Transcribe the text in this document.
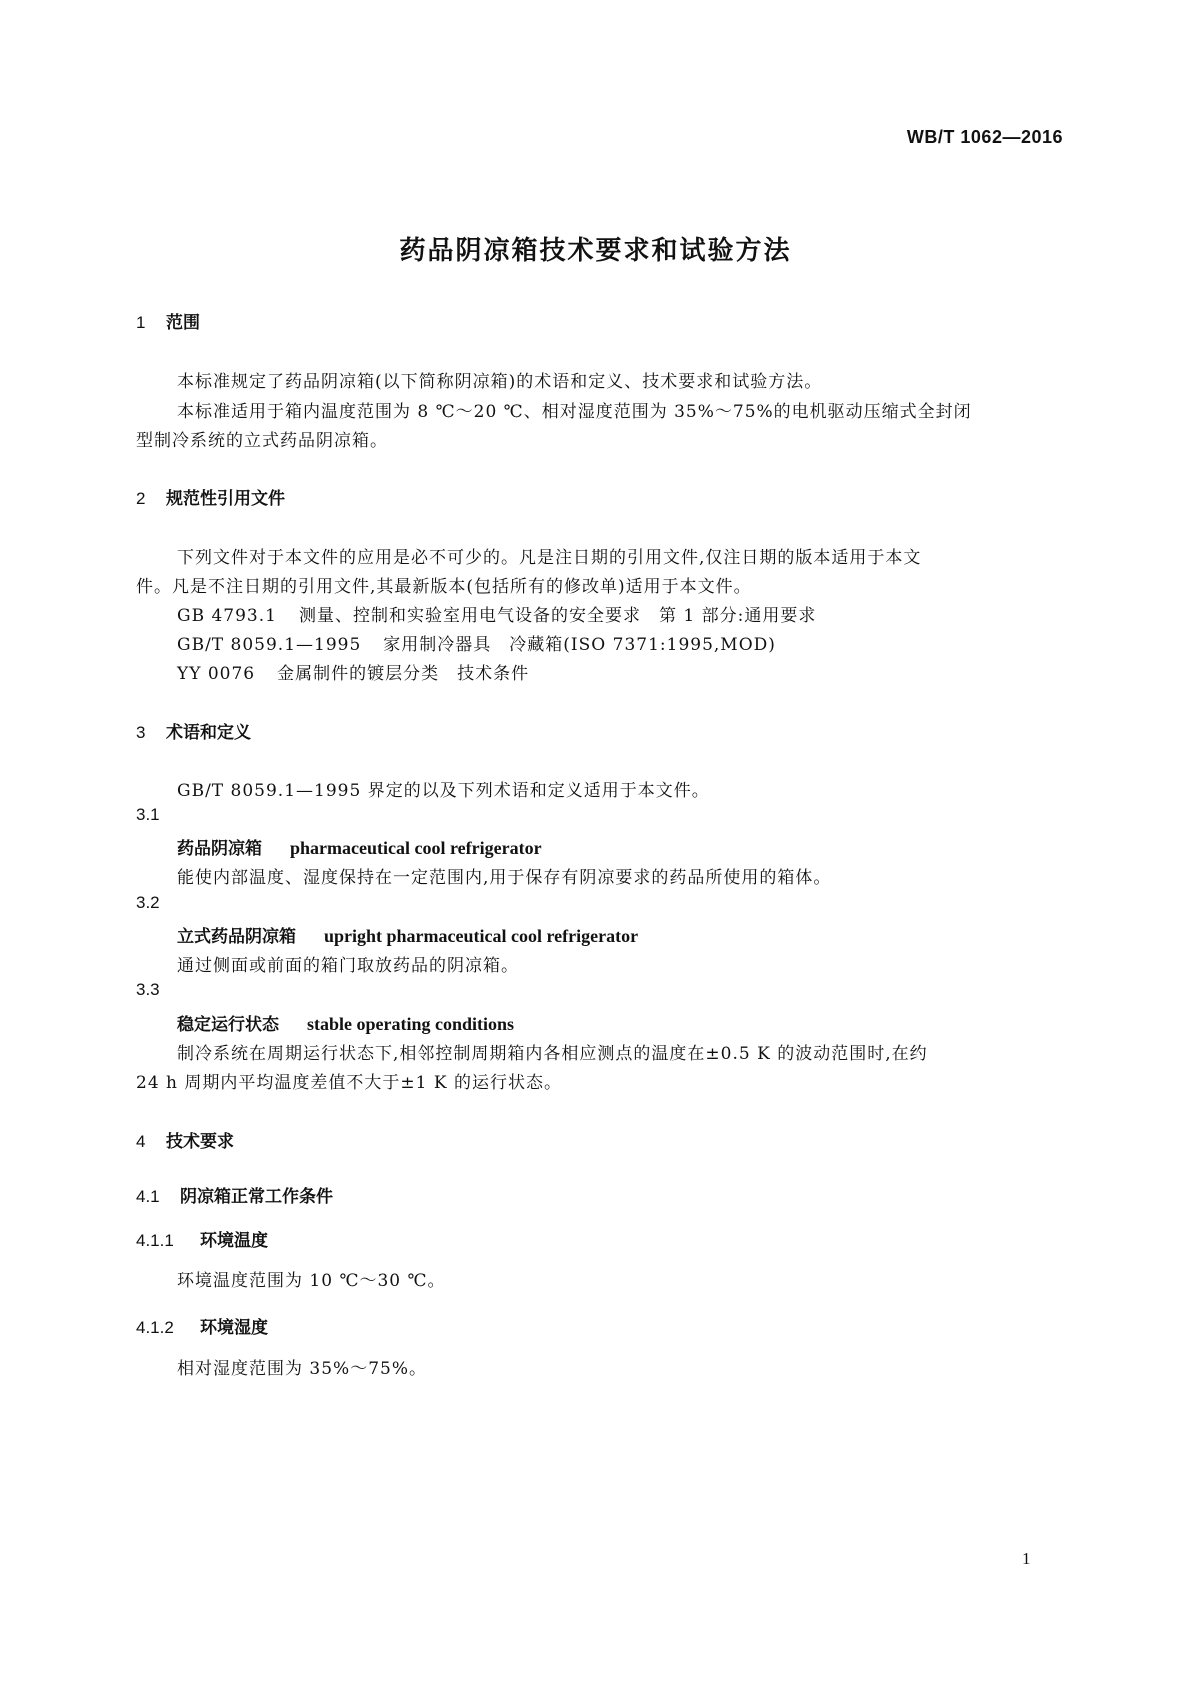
WB/T 1062—2016
药品阴凉箱技术要求和试验方法
1 范围
本标准规定了药品阴凉箱(以下简称阴凉箱)的术语和定义、技术要求和试验方法。
本标准适用于箱内温度范围为 8 ℃～20 ℃、相对湿度范围为 35%～75%的电机驱动压缩式全封闭
型制冷系统的立式药品阴凉箱。
2 规范性引用文件
下列文件对于本文件的应用是必不可少的。凡是注日期的引用文件,仅注日期的版本适用于本文
件。凡是不注日期的引用文件,其最新版本(包括所有的修改单)适用于本文件。
GB 4793.1 测量、控制和实验室用电气设备的安全要求　第 1 部分:通用要求
GB/T 8059.1—1995 家用制冷器具　冷藏箱(ISO 7371:1995,MOD)
YY 0076 金属制件的镀层分类　技术条件
3 术语和定义
GB/T 8059.1—1995 界定的以及下列术语和定义适用于本文件。
3.1
药品阴凉箱 pharmaceutical cool refrigerator
能使内部温度、湿度保持在一定范围内,用于保存有阴凉要求的药品所使用的箱体。
3.2
立式药品阴凉箱 upright pharmaceutical cool refrigerator
通过侧面或前面的箱门取放药品的阴凉箱。
3.3
稳定运行状态 stable operating conditions
制冷系统在周期运行状态下,相邻控制周期箱内各相应测点的温度在±0.5 K 的波动范围时,在约
24 h 周期内平均温度差值不大于±1 K 的运行状态。
4 技术要求
4.1 阴凉箱正常工作条件
4.1.1 环境温度
环境温度范围为 10 ℃～30 ℃。
4.1.2 环境湿度
相对湿度范围为 35%～75%。
1
